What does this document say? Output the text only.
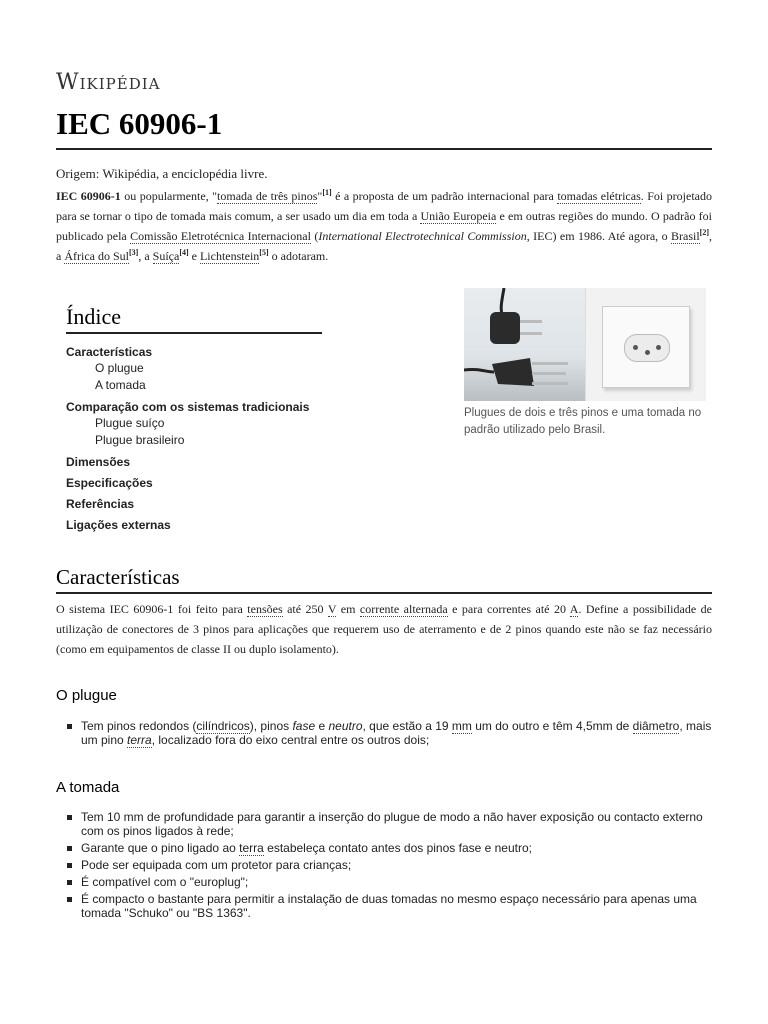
Wikipédia
IEC 60906-1
Origem: Wikipédia, a enciclopédia livre.

IEC 60906-1 ou popularmente, "tomada de três pinos"[1] é a proposta de um padrão internacional para tomadas elétricas. Foi projetado para se tornar o tipo de tomada mais comum, a ser usado um dia em toda a União Europeia e em outras regiões do mundo. O padrão foi publicado pela Comissão Eletrotécnica Internacional (International Electrotechnical Commission, IEC) em 1986. Até agora, o Brasil[2], a África do Sul[3], a Suíça[4] e Lichtenstein[5] o adotaram.

Índice
Características
O plugue
A tomada
Comparação com os sistemas tradicionais
Plugue suíço
Plugue brasileiro
Dimensões
Especificações
Referências
Ligações externas
Plugues de dois e três pinos e uma tomada no padrão utilizado pelo Brasil.
Características

O sistema IEC 60906-1 foi feito para tensões até 250 V em corrente alternada e para correntes até 20 A. Define a possibilidade de utilização de conectores de 3 pinos para aplicações que requerem uso de aterramento e de 2 pinos quando este não se faz necessário (como em equipamentos de classe II ou duplo isolamento).

O plugue
Tem pinos redondos (cilíndricos), pinos fase e neutro, que estão a 19 mm um do outro e têm 4,5mm de diâmetro, mais um pino terra, localizado fora do eixo central entre os outros dois;
A tomada
Tem 10 mm de profundidade para garantir a inserção do plugue de modo a não haver exposição ou contacto externo com os pinos ligados à rede;
Garante que o pino ligado ao terra estabeleça contato antes dos pinos fase e neutro;
Pode ser equipada com um protetor para crianças;
É compatível com o "europlug";
É compacto o bastante para permitir a instalação de duas tomadas no mesmo espaço necessário para apenas uma tomada "Schuko" ou "BS 1363".
